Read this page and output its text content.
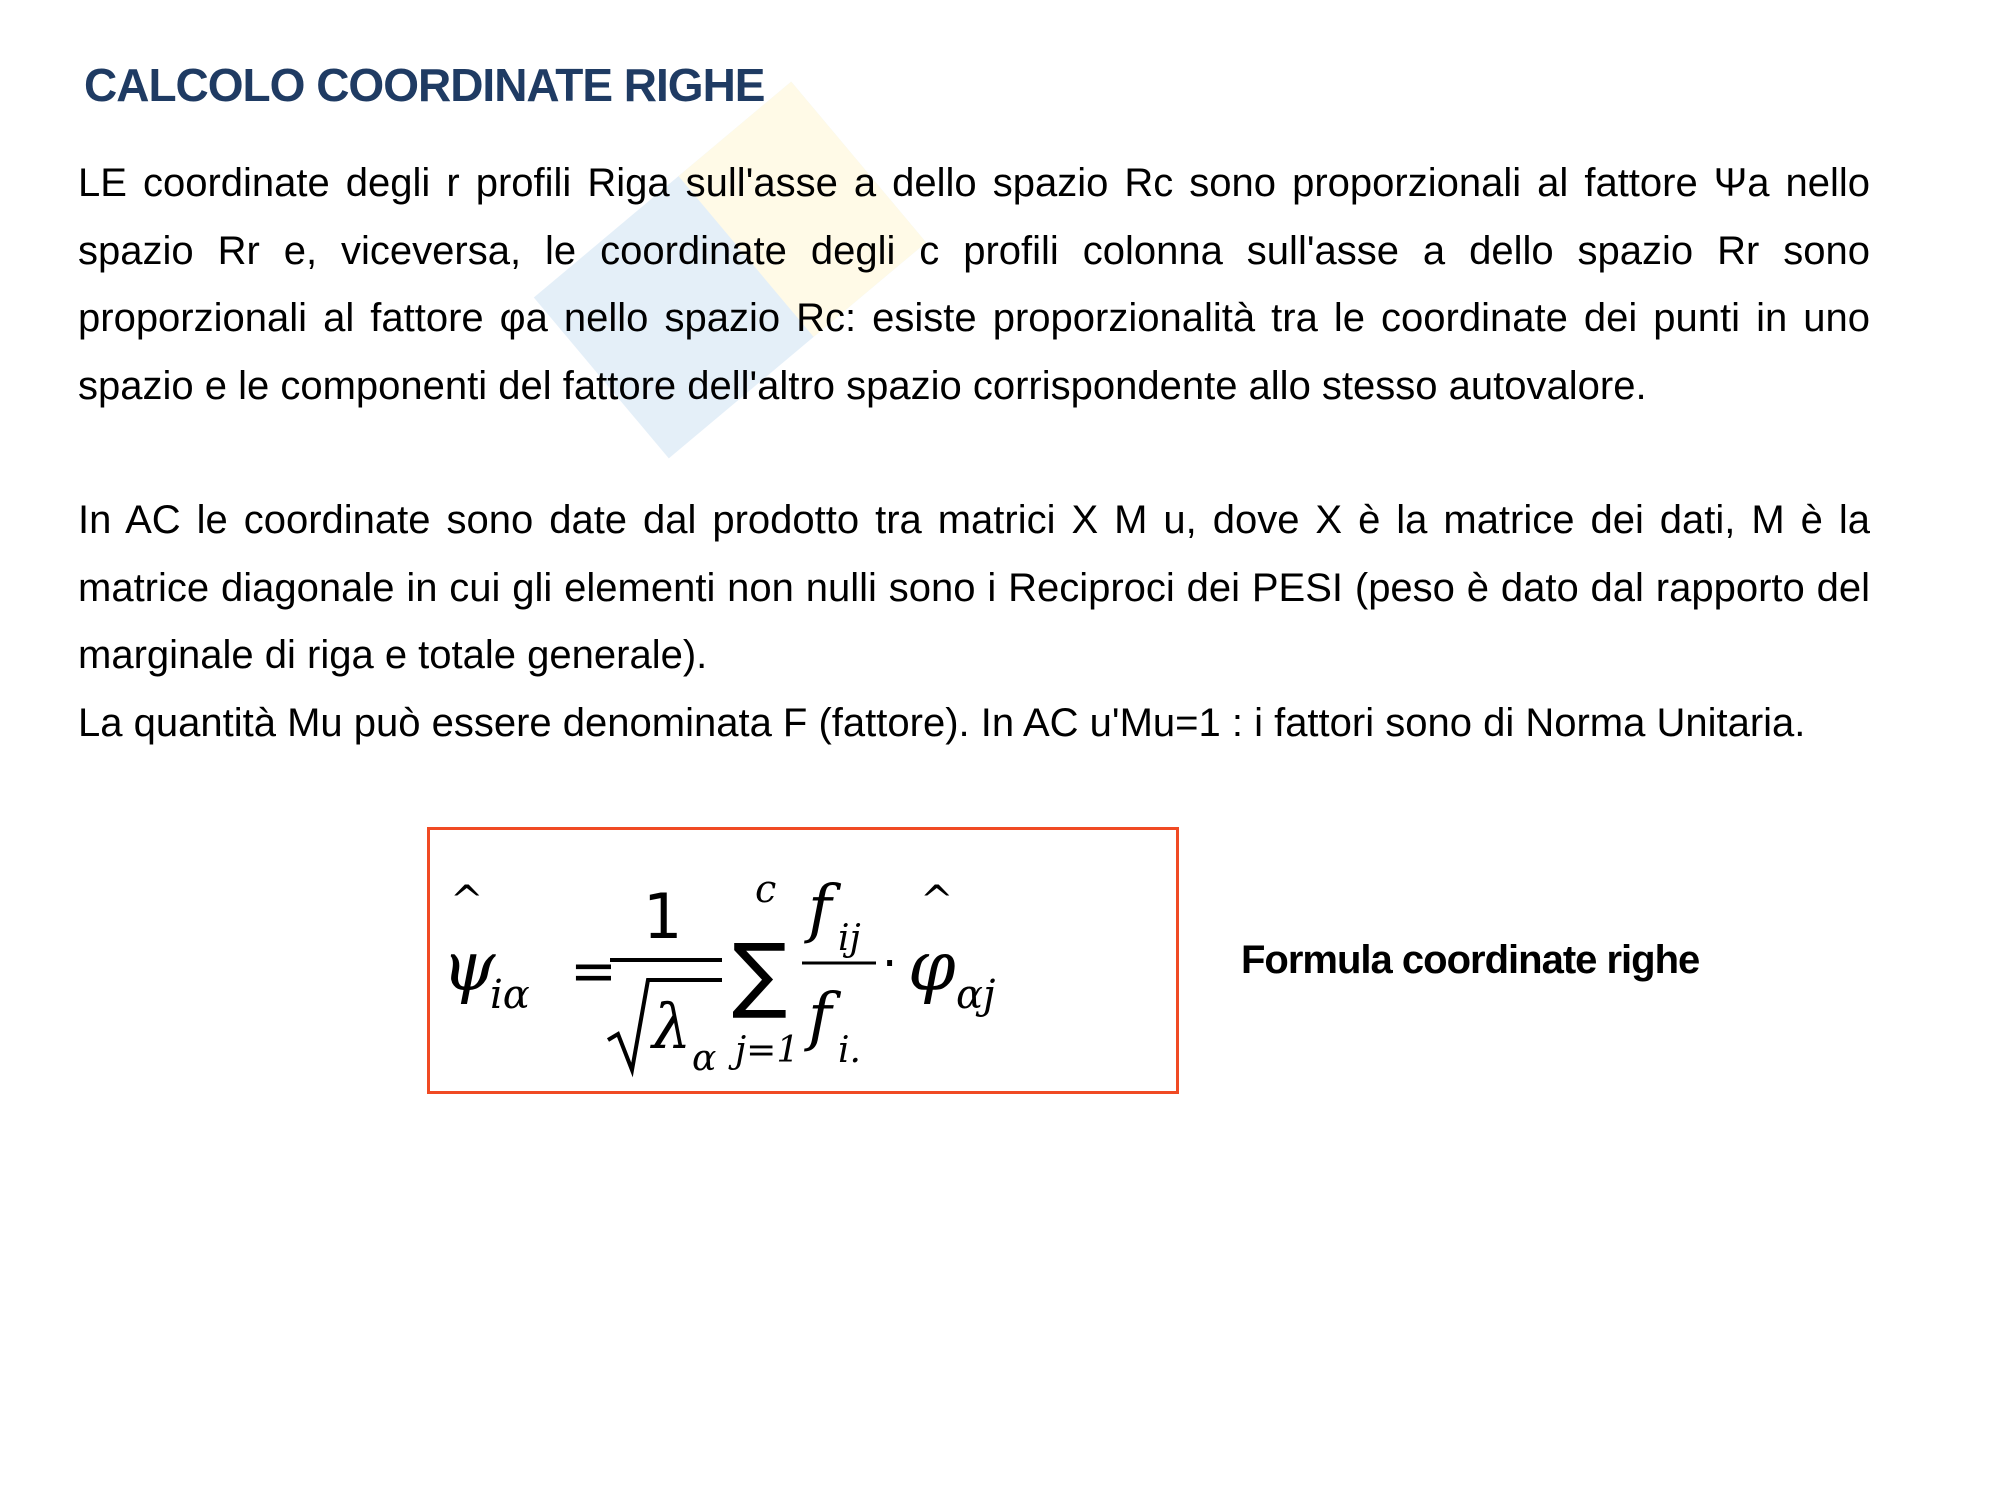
CALCOLO COORDINATE RIGHE

LE coordinate degli r profili Riga sull'asse a dello spazio Rc sono proporzionali al fattore Ψa nello spazio Rr e, viceversa, le coordinate degli c profili colonna sull'asse a dello spazio Rr sono proporzionali al fattore φa nello spazio Rc: esiste proporzionalità tra le coordinate dei punti in uno spazio e le componenti del fattore dell'altro spazio corrispondente allo stesso autovalore.

In AC le coordinate sono date dal prodotto tra matrici X M u, dove X è la matrice dei dati, M è la matrice diagonale in cui gli elementi non nulli sono i Reciproci dei PESI (peso è dato dal rapporto del marginale di riga e totale generale).

La quantità Mu può essere denominata F (fattore). In AC u'Mu=1 : i fattori sono di Norma Unitaria.

^
ψ
iα =
1
λ α
c
∑
j=1
f ij
f i.
·
^
φ αj
Formula coordinate righe
